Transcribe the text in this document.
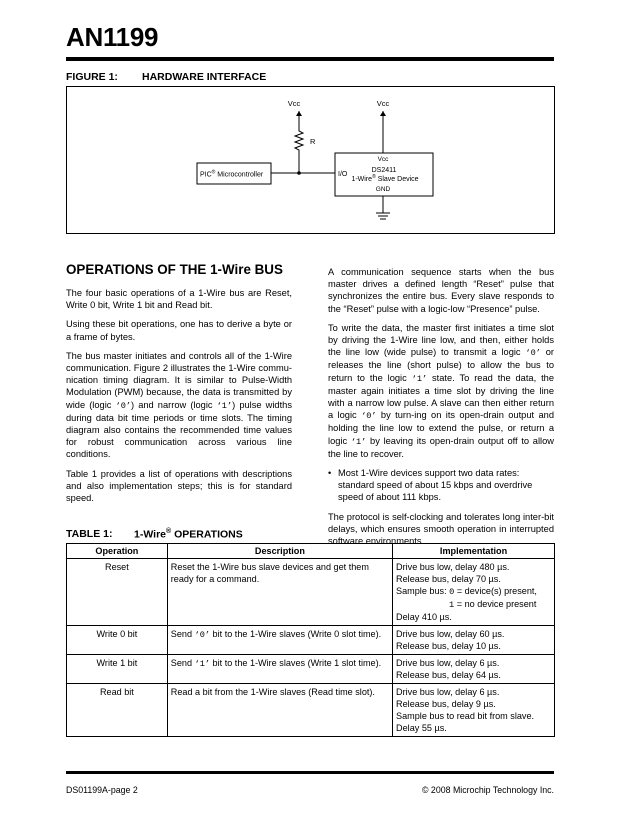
AN1199
FIGURE 1: HARDWARE INTERFACE
Vcc	Vcc
R
PIC® Microcontroller	I/O
Vcc
DS2411
1-Wire® Slave Device
GND
OPERATIONS OF THE 1-Wire BUS

The four basic operations of a 1-Wire bus are Reset, Write 0 bit, Write 1 bit and Read bit.

Using these bit operations, one has to derive a byte or a frame of bytes.

The bus master initiates and controls all of the 1-Wire communication. Figure 2 illustrates the 1-Wire commu-nication timing diagram. It is similar to Pulse-Width Modulation (PWM) because, the data is transmitted by wide (logic ‘0’) and narrow (logic ‘1’) pulse widths during data bit time periods or time slots. The timing diagram also contains the recommended time values for robust communication across various line conditions.

Table 1 provides a list of operations with descriptions and also implementation steps; this is for standard speed.

A communication sequence starts when the bus master drives a defined length “Reset” pulse that synchronizes the entire bus. Every slave responds to the “Reset” pulse with a logic-low “Presence” pulse.

To write the data, the master first initiates a time slot by driving the 1-Wire line low, and then, either holds the line low (wide pulse) to transmit a logic ‘0’ or releases the line (short pulse) to allow the bus to return to the logic ‘1’ state. To read the data, the master again initiates a time slot by driving the line with a narrow low pulse. A slave can then either return a logic ‘0’ by turn-ing on its open-drain output and holding the line low to extend the pulse, or return a logic ‘1’ by leaving its open-drain output off to allow the line to recover.

• Most 1-Wire devices support two data rates: standard speed of about 15 kbps and overdrive speed of about 111 kbps.

The protocol is self-clocking and tolerates long inter-bit delays, which ensures smooth operation in interrupted software environments.

TABLE 1: 1-Wire® OPERATIONS
Operation	Description	Implementation
Reset	Reset the 1-Wire bus slave devices and get them ready for a command.	Drive bus low, delay 480 µs.
Release bus, delay 70 µs.
Sample bus: 0 = device(s) present,
1 = no device present
Delay 410 µs.

Write 0 bit	Send ‘0’ bit to the 1-Wire slaves (Write 0 slot time).	Drive bus low, delay 60 µs.
Release bus, delay 10 µs.

Write 1 bit	Send ‘1’ bit to the 1-Wire slaves (Write 1 slot time).	Drive bus low, delay 6 µs.
Release bus, delay 64 µs.

Read bit	Read a bit from the 1-Wire slaves (Read time slot).	Drive bus low, delay 6 µs.
Release bus, delay 9 µs.
Sample bus to read bit from slave.
Delay 55 µs.
DS01199A-page 2	© 2008 Microchip Technology Inc.
